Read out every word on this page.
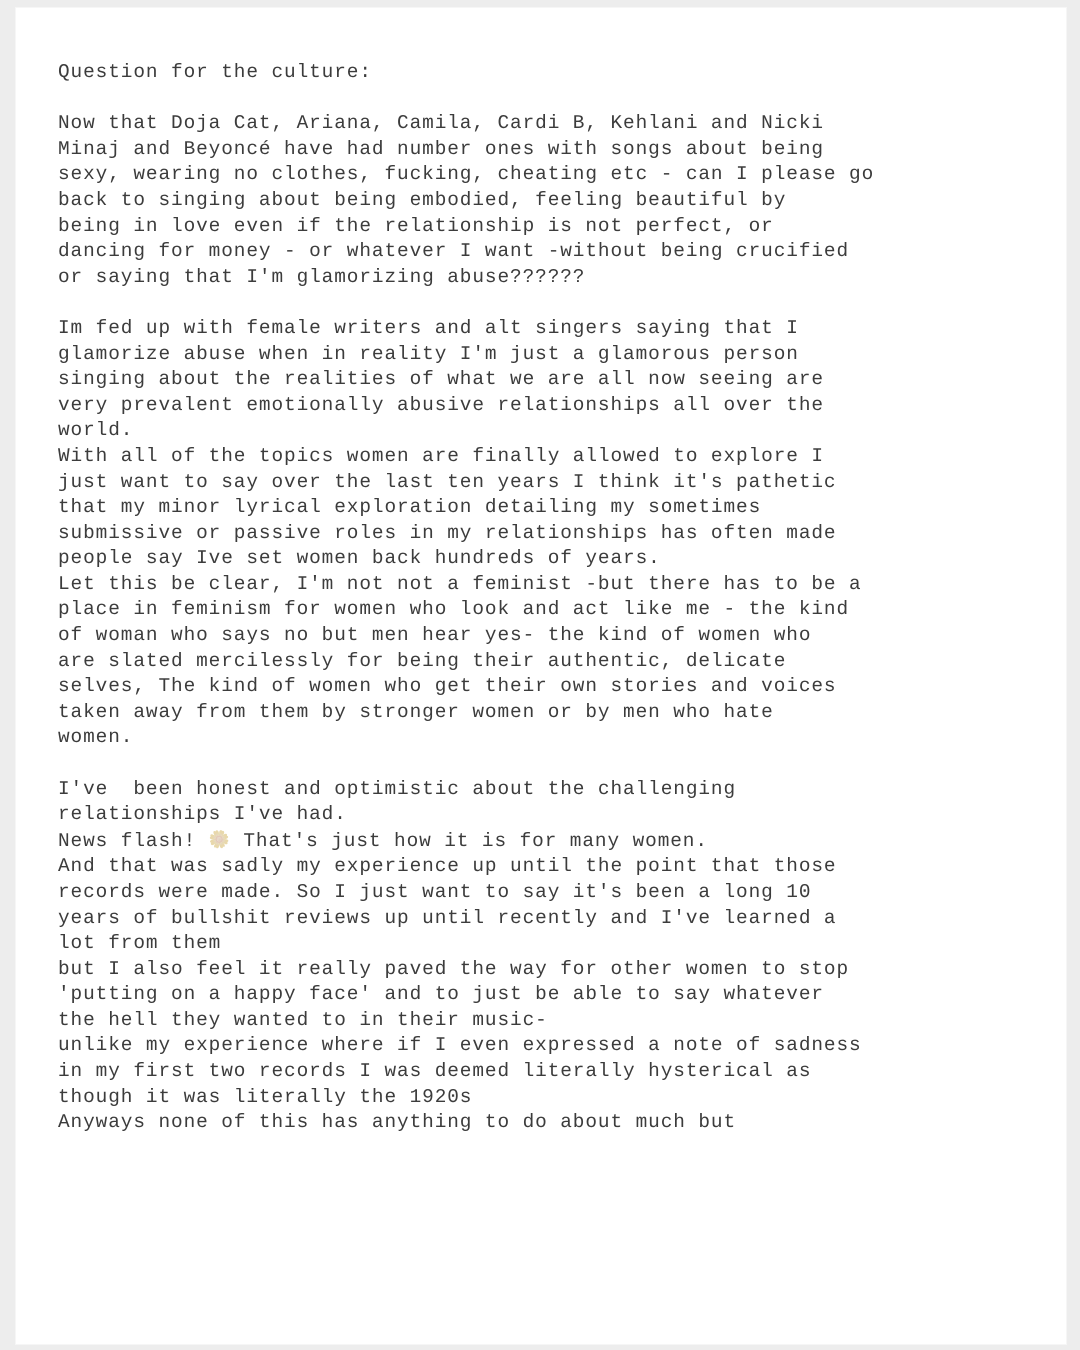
Question for the culture:
Now that Doja Cat, Ariana, Camila, Cardi B, Kehlani and Nicki
Minaj and Beyoncé have had number ones with songs about being
sexy, wearing no clothes, fucking, cheating etc - can I please go
back to singing about being embodied, feeling beautiful by
being in love even if the relationship is not perfect, or
dancing for money - or whatever I want -without being crucified
or saying that I'm glamorizing abuse??????
Im fed up with female writers and alt singers saying that I
glamorize abuse when in reality I'm just a glamorous person
singing about the realities of what we are all now seeing are
very prevalent emotionally abusive relationships all over the
world.
With all of the topics women are finally allowed to explore I
just want to say over the last ten years I think it's pathetic
that my minor lyrical exploration detailing my sometimes
submissive or passive roles in my relationships has often made
people say Ive set women back hundreds of years.
Let this be clear, I'm not not a feminist -but there has to be a
place in feminism for women who look and act like me - the kind
of woman who says no but men hear yes- the kind of women who
are slated mercilessly for being their authentic, delicate
selves, The kind of women who get their own stories and voices
taken away from them by stronger women or by men who hate
women.
I've  been honest and optimistic about the challenging
relationships I've had.
News flash! 🌼 That's just how it is for many women.
And that was sadly my experience up until the point that those
records were made. So I just want to say it's been a long 10
years of bullshit reviews up until recently and I've learned a
lot from them
but I also feel it really paved the way for other women to stop
'putting on a happy face' and to just be able to say whatever
the hell they wanted to in their music-
unlike my experience where if I even expressed a note of sadness
in my first two records I was deemed literally hysterical as
though it was literally the 1920s
Anyways none of this has anything to do about much but
